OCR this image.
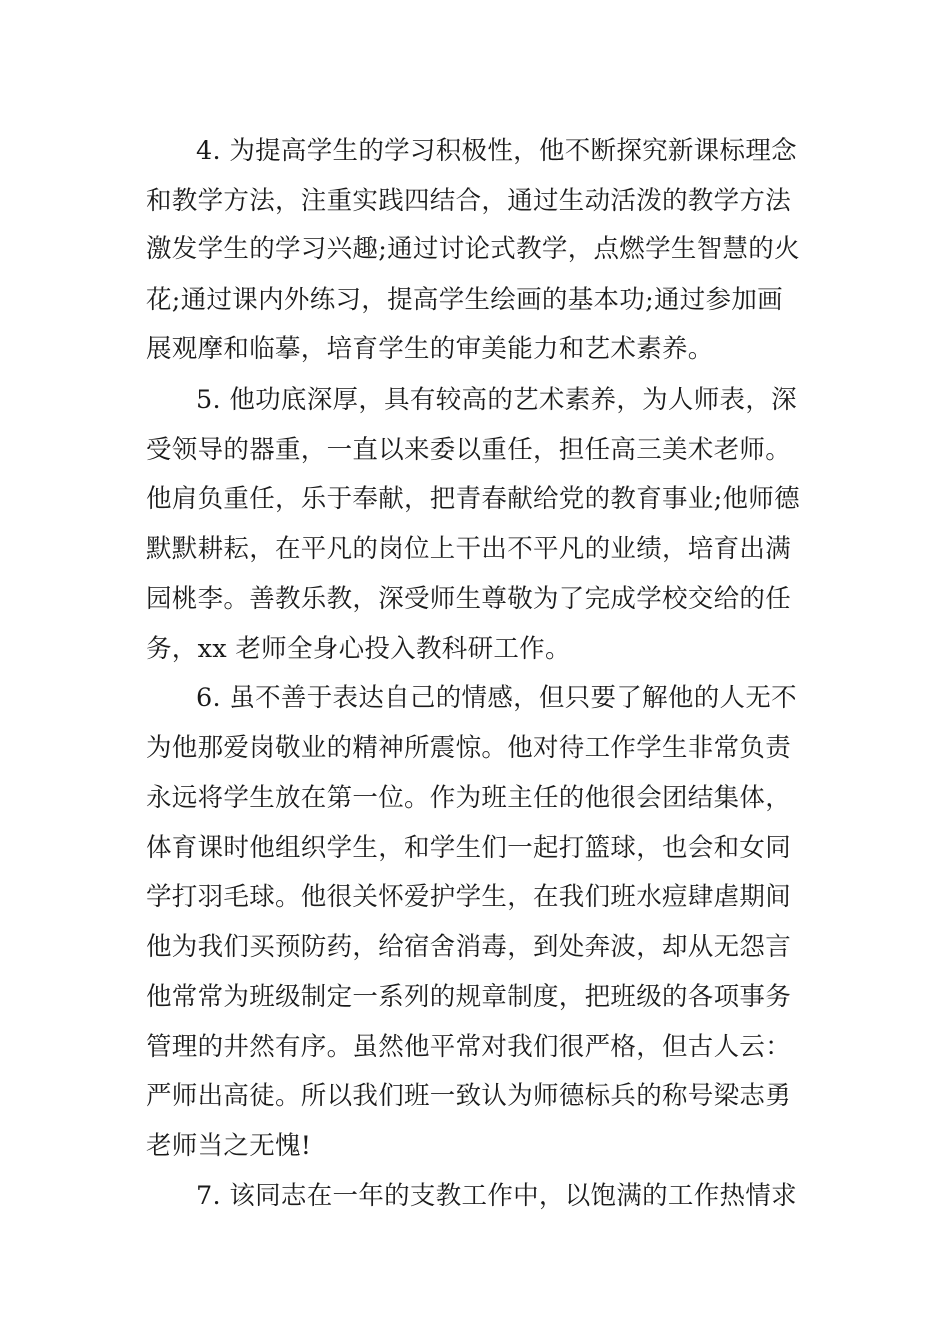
4. 为提高学生的学习积极性，他不断探究新课标理念
和教学方法，注重实践四结合，通过生动活泼的教学方法
激发学生的学习兴趣;通过讨论式教学，点燃学生智慧的火
花;通过课内外练习，提高学生绘画的基本功;通过参加画
展观摩和临摹，培育学生的审美能力和艺术素养。
5. 他功底深厚，具有较高的艺术素养，为人师表，深
受领导的器重，一直以来委以重任，担任高三美术老师。
他肩负重任，乐于奉献，把青春献给党的教育事业;他师德
默默耕耘，在平凡的岗位上干出不平凡的业绩，培育出满
园桃李。善教乐教，深受师生尊敬为了完成学校交给的任
务，xx 老师全身心投入教科研工作。
6. 虽不善于表达自己的情感，但只要了解他的人无不
为他那爱岗敬业的精神所震惊。他对待工作学生非常负责
永远将学生放在第一位。作为班主任的他很会团结集体，
体育课时他组织学生，和学生们一起打篮球，也会和女同
学打羽毛球。他很关怀爱护学生，在我们班水痘肆虐期间
他为我们买预防药，给宿舍消毒，到处奔波，却从无怨言
他常常为班级制定一系列的规章制度，把班级的各项事务
管理的井然有序。虽然他平常对我们很严格，但古人云：
严师出高徒。所以我们班一致认为师德标兵的称号梁志勇
老师当之无愧!
7. 该同志在一年的支教工作中，以饱满的工作热情求
